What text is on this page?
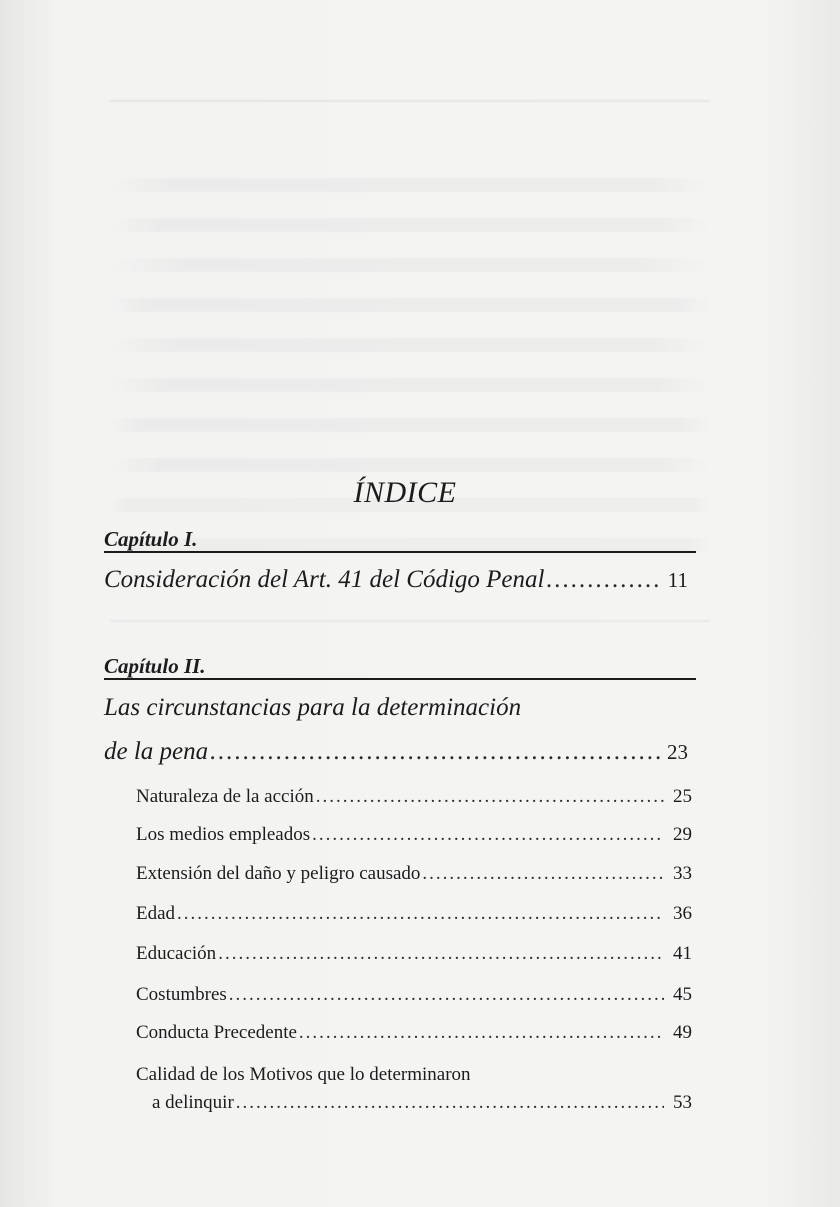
ÍNDICE
Capítulo I.
Consideración del Art. 41 del Código Penal .....	11
Capítulo II.
Las circunstancias para la determinación
de la pena .....	23
Naturaleza de la acción .....	25
Los medios empleados .....	29
Extensión del daño y peligro causado .....	33
Edad .....	36
Educación .....	41
Costumbres .....	45
Conducta Precedente .....	49
Calidad de los Motivos que lo determinaron
a delinquir .....	53
